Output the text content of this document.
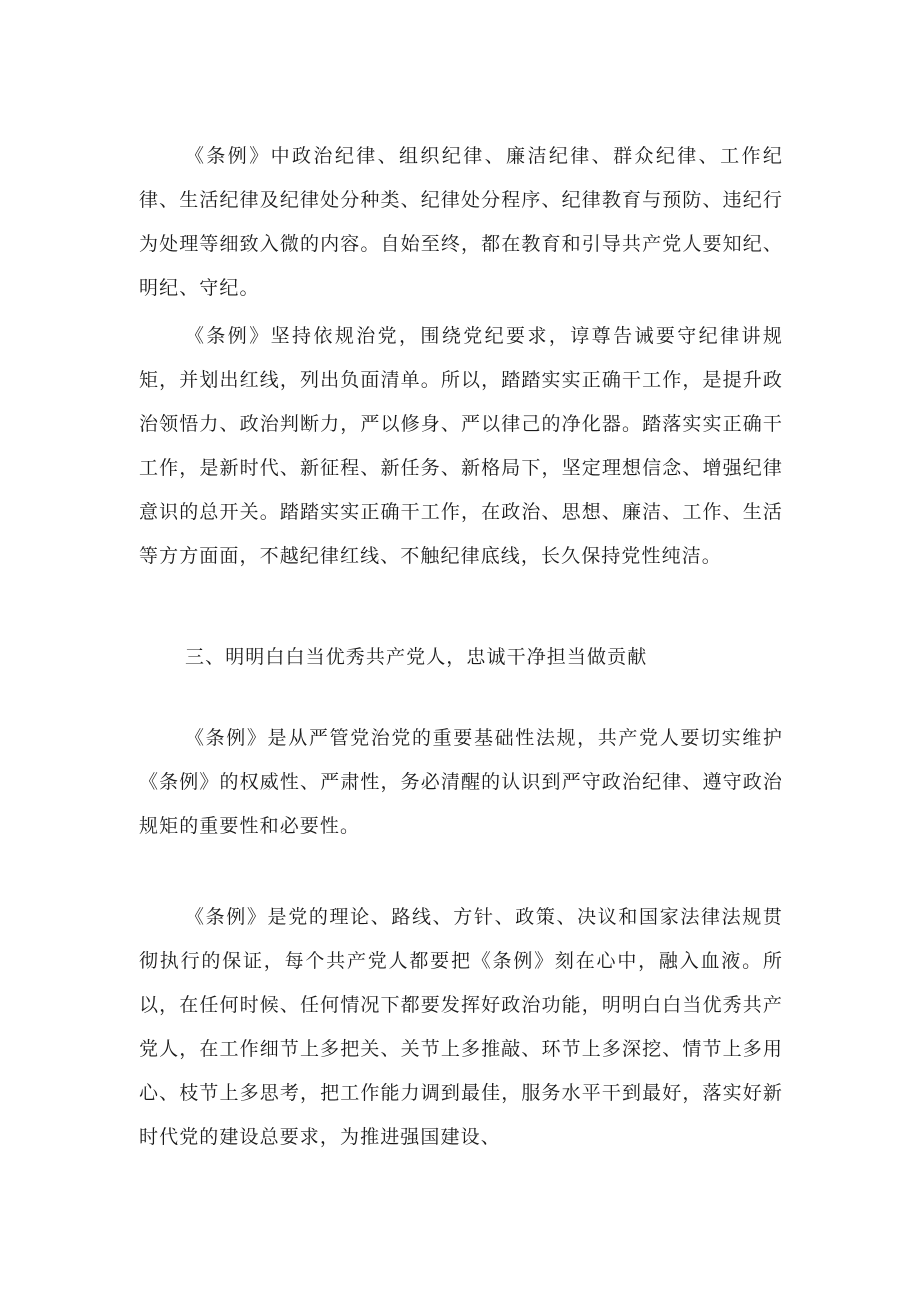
《条例》中政治纪律、组织纪律、廉洁纪律、群众纪律、工作纪律、生活纪律及纪律处分种类、纪律处分程序、纪律教育与预防、违纪行为处理等细致入微的内容。自始至终，都在教育和引导共产党人要知纪、明纪、守纪。

《条例》坚持依规治党，围绕党纪要求，谆尊告诫要守纪律讲规矩，并划出红线，列出负面清单。所以，踏踏实实正确干工作，是提升政治领悟力、政治判断力，严以修身、严以律己的净化器。踏落实实正确干工作，是新时代、新征程、新任务、新格局下，坚定理想信念、增强纪律意识的总开关。踏踏实实正确干工作，在政治、思想、廉洁、工作、生活等方方面面，不越纪律红线、不触纪律底线，长久保持党性纯洁。

三、明明白白当优秀共产党人，忠诚干净担当做贡献

《条例》是从严管党治党的重要基础性法规，共产党人要切实维护《条例》的权威性、严肃性，务必清醒的认识到严守政治纪律、遵守政治规矩的重要性和必要性。

《条例》是党的理论、路线、方针、政策、决议和国家法律法规贯彻执行的保证，每个共产党人都要把《条例》刻在心中，融入血液。所以，在任何时候、任何情况下都要发挥好政治功能，明明白白当优秀共产党人，在工作细节上多把关、关节上多推敲、环节上多深挖、情节上多用心、枝节上多思考，把工作能力调到最佳，服务水平干到最好，落实好新时代党的建设总要求，为推进强国建设、
